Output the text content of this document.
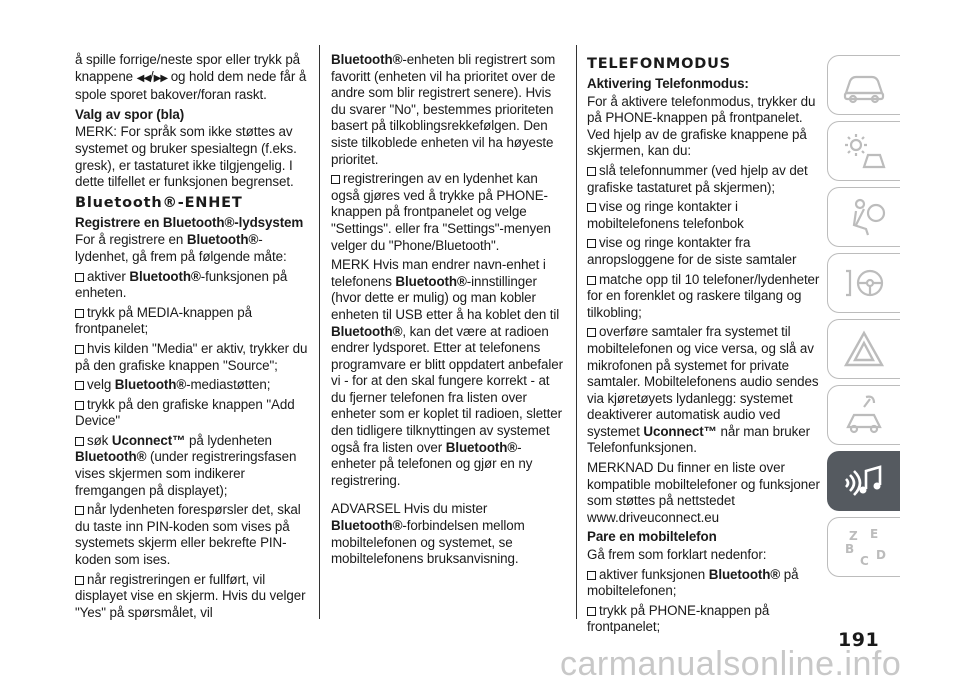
å spille forrige/neste spor eller trykk på knappene ◀◀/▶▶ og hold dem nede får å spole sporet bakover/foran raskt.

Valg av spor (bla)

MERK: For språk som ikke støttes av systemet og bruker spesialtegn (f.eks. gresk), er tastaturet ikke tilgjengelig. I dette tilfellet er funksjonen begrenset.

Bluetooth®-ENHET
Registrere en Bluetooth®-lydsystem

For å registrere en Bluetooth®-lydenhet, gå frem på følgende måte:

aktiver Bluetooth®-funksjonen på enheten.

trykk på MEDIA-knappen på frontpanelet;

hvis kilden "Media" er aktiv, trykker du på den grafiske knappen "Source";

velg Bluetooth®-mediastøtten;

trykk på den grafiske knappen "Add Device"

søk Uconnect™ på lydenheten Bluetooth® (under registreringsfasen vises skjermen som indikerer fremgangen på displayet);

når lydenheten forespørsler det, skal du taste inn PIN-koden som vises på systemets skjerm eller bekrefte PIN-koden som ises.

når registreringen er fullført, vil displayet vise en skjerm. Hvis du velger "Yes" på spørsmålet, vil

Bluetooth®-enheten bli registrert som favoritt (enheten vil ha prioritet over de andre som blir registrert senere). Hvis du svarer "No", bestemmes prioriteten basert på tilkoblingsrekkefølgen. Den siste tilkoblede enheten vil ha høyeste prioritet.

registreringen av en lydenhet kan også gjøres ved å trykke på PHONE-knappen på frontpanelet og velge "Settings". eller fra "Settings"-menyen velger du "Phone/Bluetooth".

MERK Hvis man endrer navn-enhet i telefonens Bluetooth®-innstillinger (hvor dette er mulig) og man kobler enheten til USB etter å ha koblet den til Bluetooth®, kan det være at radioen endrer lydsporet. Etter at telefonens programvare er blitt oppdatert anbefaler vi - for at den skal fungere korrekt - at du fjerner telefonen fra listen over enheter som er koplet til radioen, sletter den tidligere tilknyttingen av systemet også fra listen over Bluetooth®-enheter på telefonen og gjør en ny registrering.

ADVARSEL Hvis du mister Bluetooth®-forbindelsen mellom mobiltelefonen og systemet, se mobiltelefonens bruksanvisning.

TELEFONMODUS
Aktivering Telefonmodus:

For å aktivere telefonmodus, trykker du på PHONE-knappen på frontpanelet. Ved hjelp av de grafiske knappene på skjermen, kan du:

slå telefonnummer (ved hjelp av det grafiske tastaturet på skjermen);

vise og ringe kontakter i mobiltelefonens telefonbok

vise og ringe kontakter fra anropsloggene for de siste samtaler

matche opp til 10 telefoner/lydenheter for en forenklet og raskere tilgang og tilkobling;

overføre samtaler fra systemet til mobiltelefonen og vice versa, og slå av mikrofonen på systemet for private samtaler. Mobiltelefonens audio sendes via kjøretøyets lydanlegg: systemet deaktiverer automatisk audio ved systemet Uconnect™ når man bruker Telefonfunksjonen.

MERKNAD Du finner en liste over kompatible mobiltelefoner og funksjoner som støttes på nettstedet www.driveuconnect.eu

Pare en mobiltelefon

Gå frem som forklart nedenfor:

aktiver funksjonen Bluetooth® på mobiltelefonen;

trykk på PHONE-knappen på frontpanelet;

Z E
B
C D
191
carmanualsonline.info
